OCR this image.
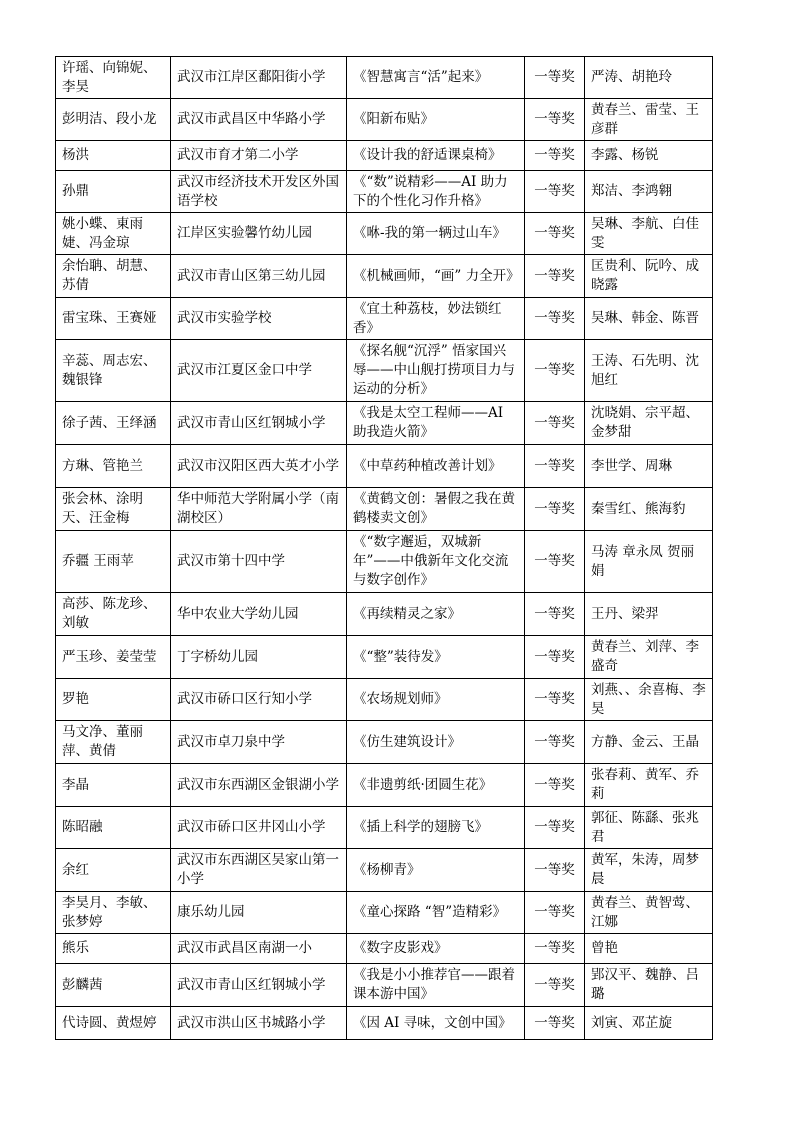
许瑶、向锦妮、李昊	武汉市江岸区鄱阳街小学	《智慧寓言“活”起来》	一等奖	严涛、胡艳玲
彭明洁、段小龙	武汉市武昌区中华路小学	《阳新布贴》	一等奖	黄春兰、雷莹、王彦群
杨洪	武汉市育才第二小学	《设计我的舒适课桌椅》	一等奖	李露、杨锐
孙鼎	武汉市经济技术开发区外国语学校	《“数”说精彩——AI 助力下的个性化习作升格》	一等奖	郑洁、李鸿翱
姚小蝶、東雨婕、冯金琼	江岸区实验馨竹幼儿园	《咻-我的第一辆过山车》	一等奖	吴琳、李航、白佳雯
余怡聃、胡慧、苏倩	武汉市青山区第三幼儿园	《机械画师，“画” 力全开》	一等奖	匡贵利、阮吟、成晓露
雷宝珠、王赛娅	武汉市实验学校	《宜土种荔枝，妙法锁红香》	一等奖	吴琳、韩金、陈晋
辛蕊、周志宏、魏银锋	武汉市江夏区金口中学	《探名舰“沉浮” 悟家国兴辱——中山舰打捞项目力与运动的分析》	一等奖	王涛、石先明、沈旭红
徐子茜、王绎涵	武汉市青山区红钢城小学	《我是太空工程师——AI 助我造火箭》	一等奖	沈晓娟、宗平超、金梦甜
方琳、管艳兰	武汉市汉阳区西大英才小学	《中草药种植改善计划》	一等奖	李世学、周琳
张会林、涂明天、汪金梅	华中师范大学附属小学（南湖校区）	《黄鹤文创：暑假之我在黄鹤楼卖文创》	一等奖	秦雪红、熊海豹
乔疆 王雨苹	武汉市第十四中学	《“数字邂逅，双城新年”——中俄新年文化交流与数字创作》	一等奖	马涛 章永凤 贺丽娟
高莎、陈龙珍、刘敏	华中农业大学幼儿园	《再续精灵之家》	一等奖	王丹、梁羿
严玉珍、姜莹莹	丁字桥幼儿园	《“整”装待发》	一等奖	黄春兰、刘萍、李盛奇
罗艳	武汉市硚口区行知小学	《农场规划师》	一等奖	刘燕、、余喜梅、李昊
马文净、董丽萍、黄倩	武汉市卓刀泉中学	《仿生建筑设计》	一等奖	方静、金云、王晶
李晶	武汉市东西湖区金银湖小学	《非遗剪纸·团圆生花》	一等奖	张春莉、黄军、乔莉
陈昭融	武汉市硚口区井冈山小学	《插上科学的翅膀飞》	一等奖	郭征、陈繇、张兆君
余红	武汉市东西湖区吴家山第一小学	《杨柳青》	一等奖	黄军，朱涛，周梦晨
李昊月、李敏、张梦婷	康乐幼儿园	《童心探路 “智”造精彩》	一等奖	黄春兰、黄智莺、江娜
熊乐	武汉市武昌区南湖一小	《数字皮影戏》	一等奖	曾艳
彭麟茜	武汉市青山区红钢城小学	《我是小小推荐官——跟着课本游中国》	一等奖	郢汉平、魏静、吕璐
代诗圆、黄煜婷	武汉市洪山区书城路小学	《因 AI 寻味，文创中国》	一等奖	刘寅、邓芷旋
